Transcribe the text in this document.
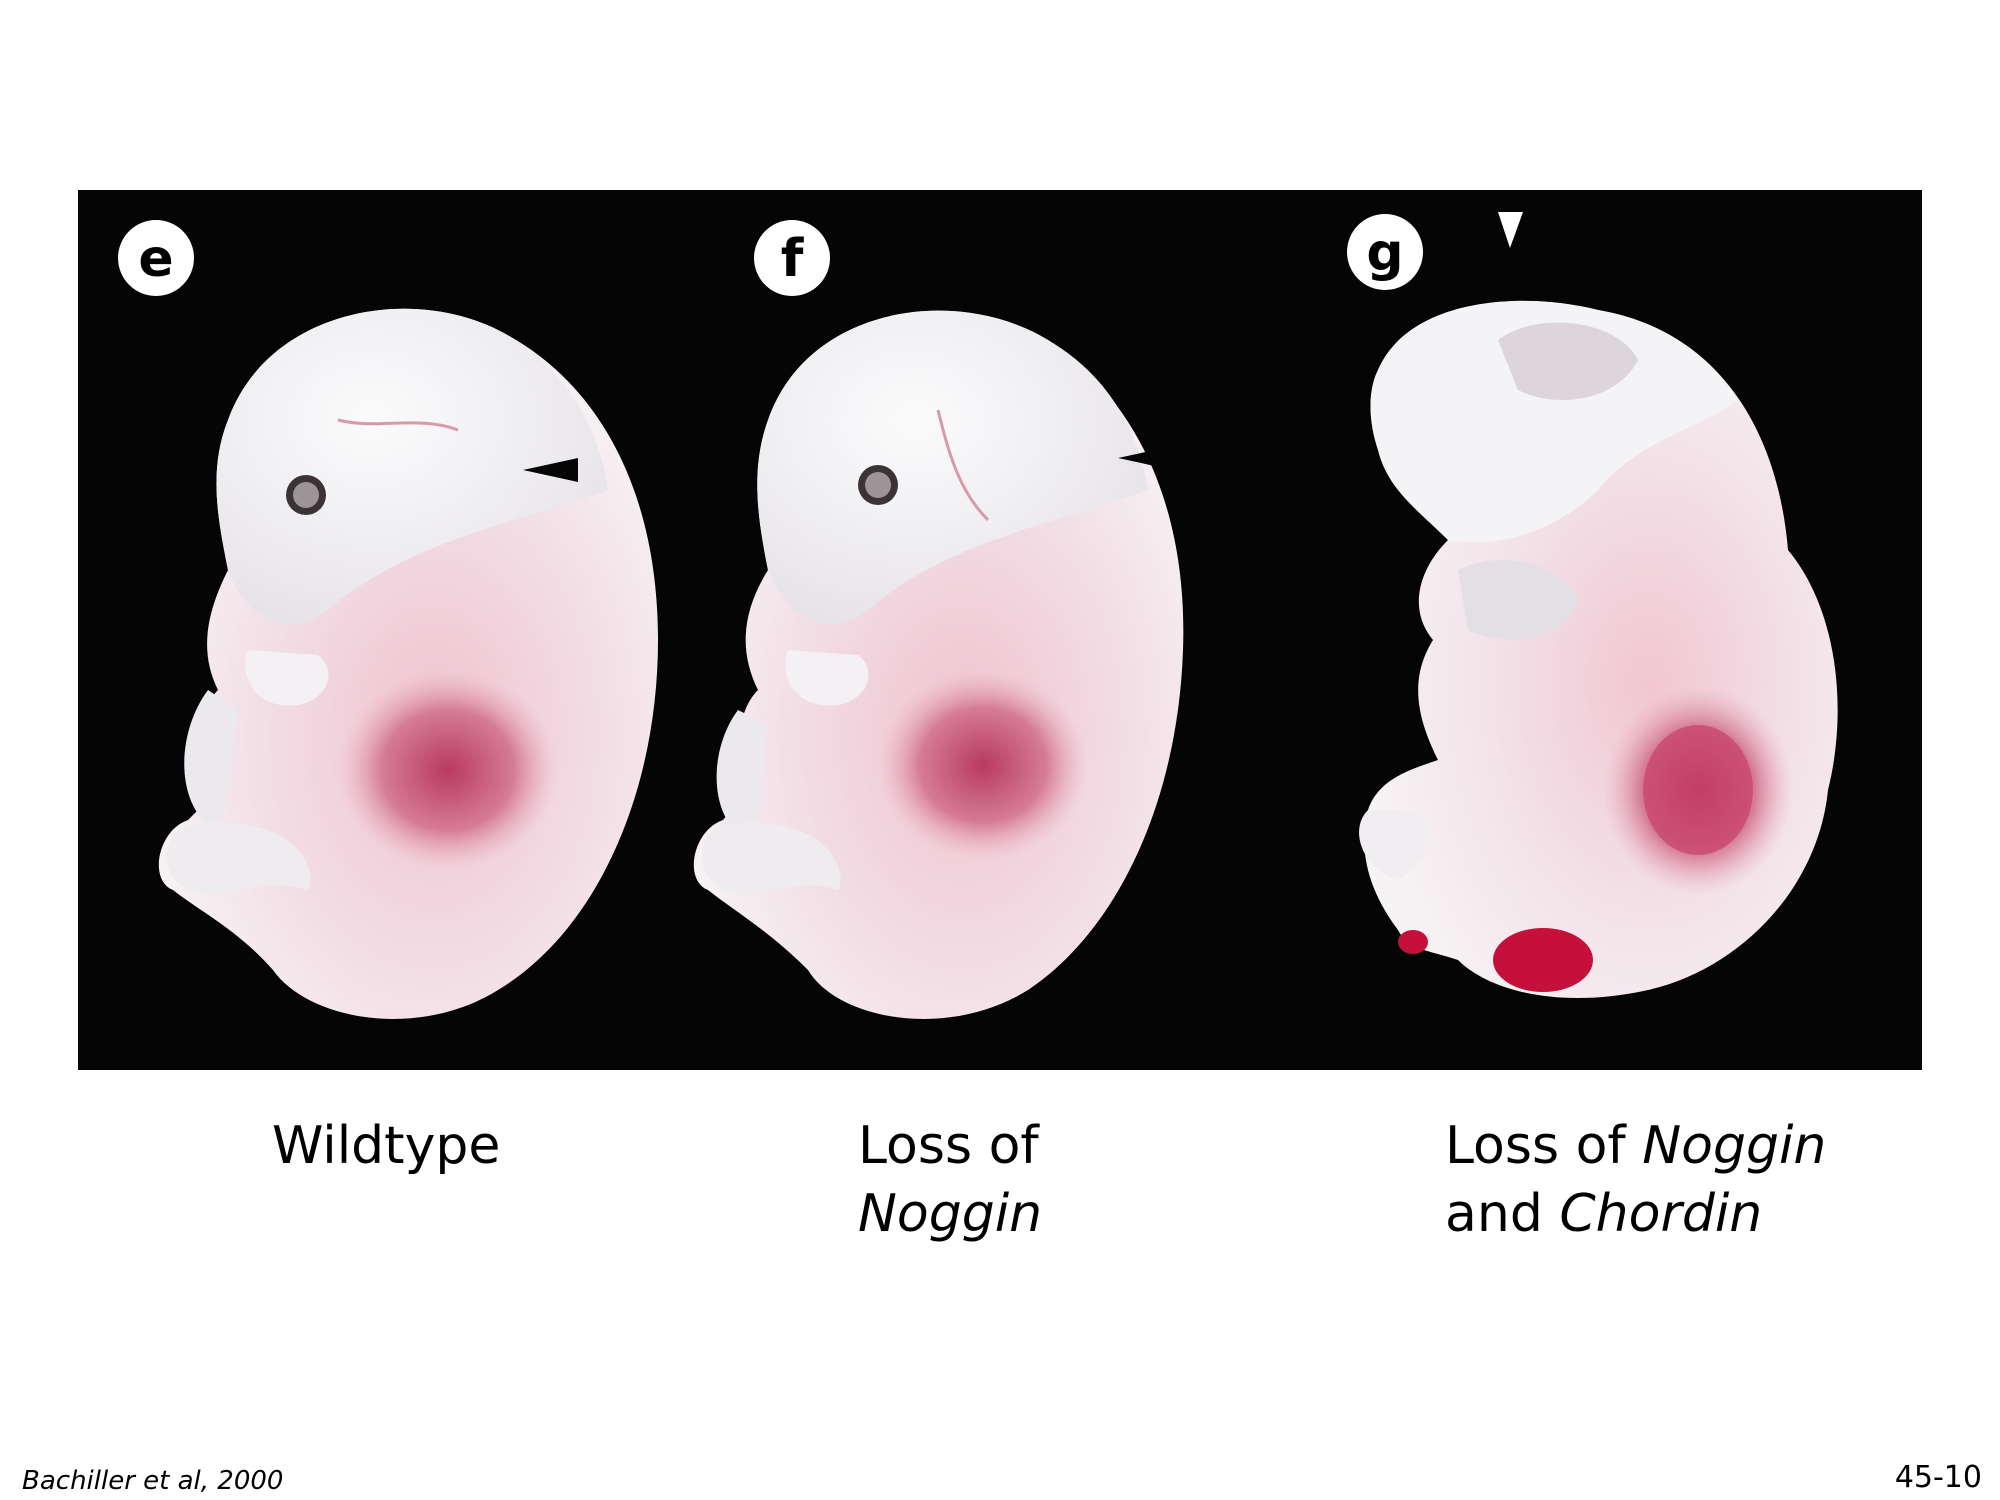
e	f	g
Wildtype	Loss of
Noggin
Loss of Noggin
and Chordin
Bachiller et al, 2000	45-10
